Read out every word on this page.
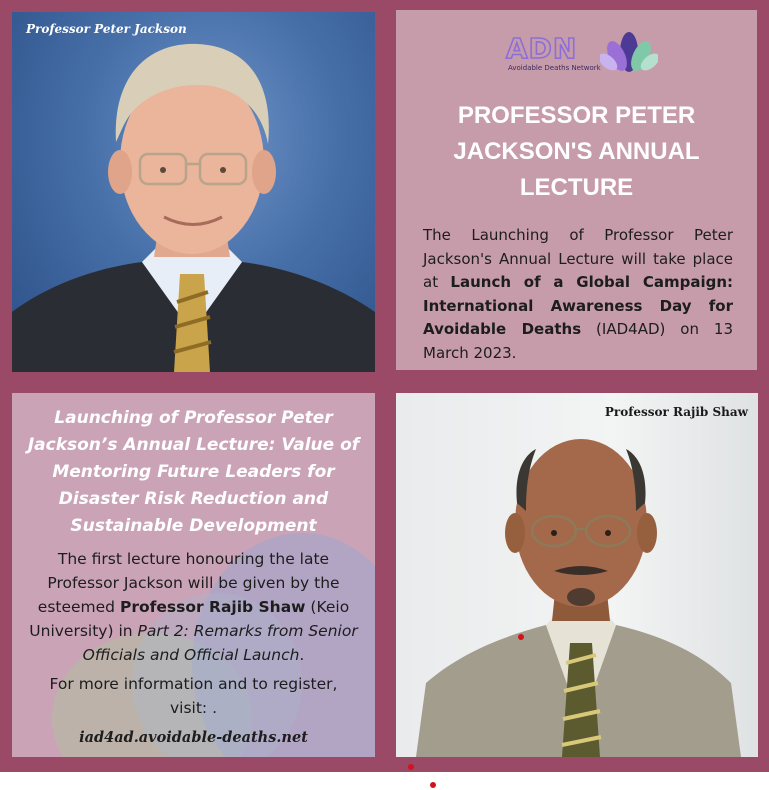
Professor Peter Jackson
ADN
Avoidable Deaths Network
PROFESSOR PETER
JACKSON'S ANNUAL
LECTURE

The Launching of Professor Peter Jackson's Annual Lecture will take place at Launch of a Global Campaign: International Awareness Day for Avoidable Deaths (IAD4AD) on 13 March 2023.

Launching of Professor Peter Jackson’s Annual Lecture: Value of Mentoring Future Leaders for Disaster Risk Reduction and Sustainable Development

The first lecture honouring the late Professor Jackson will be given by the esteemed Professor Rajib Shaw (Keio University) in Part 2: Remarks from Senior Officials and Official Launch.

For more information and to register, visit: .

iad4ad.avoidable-deaths.net
Professor Rajib Shaw
